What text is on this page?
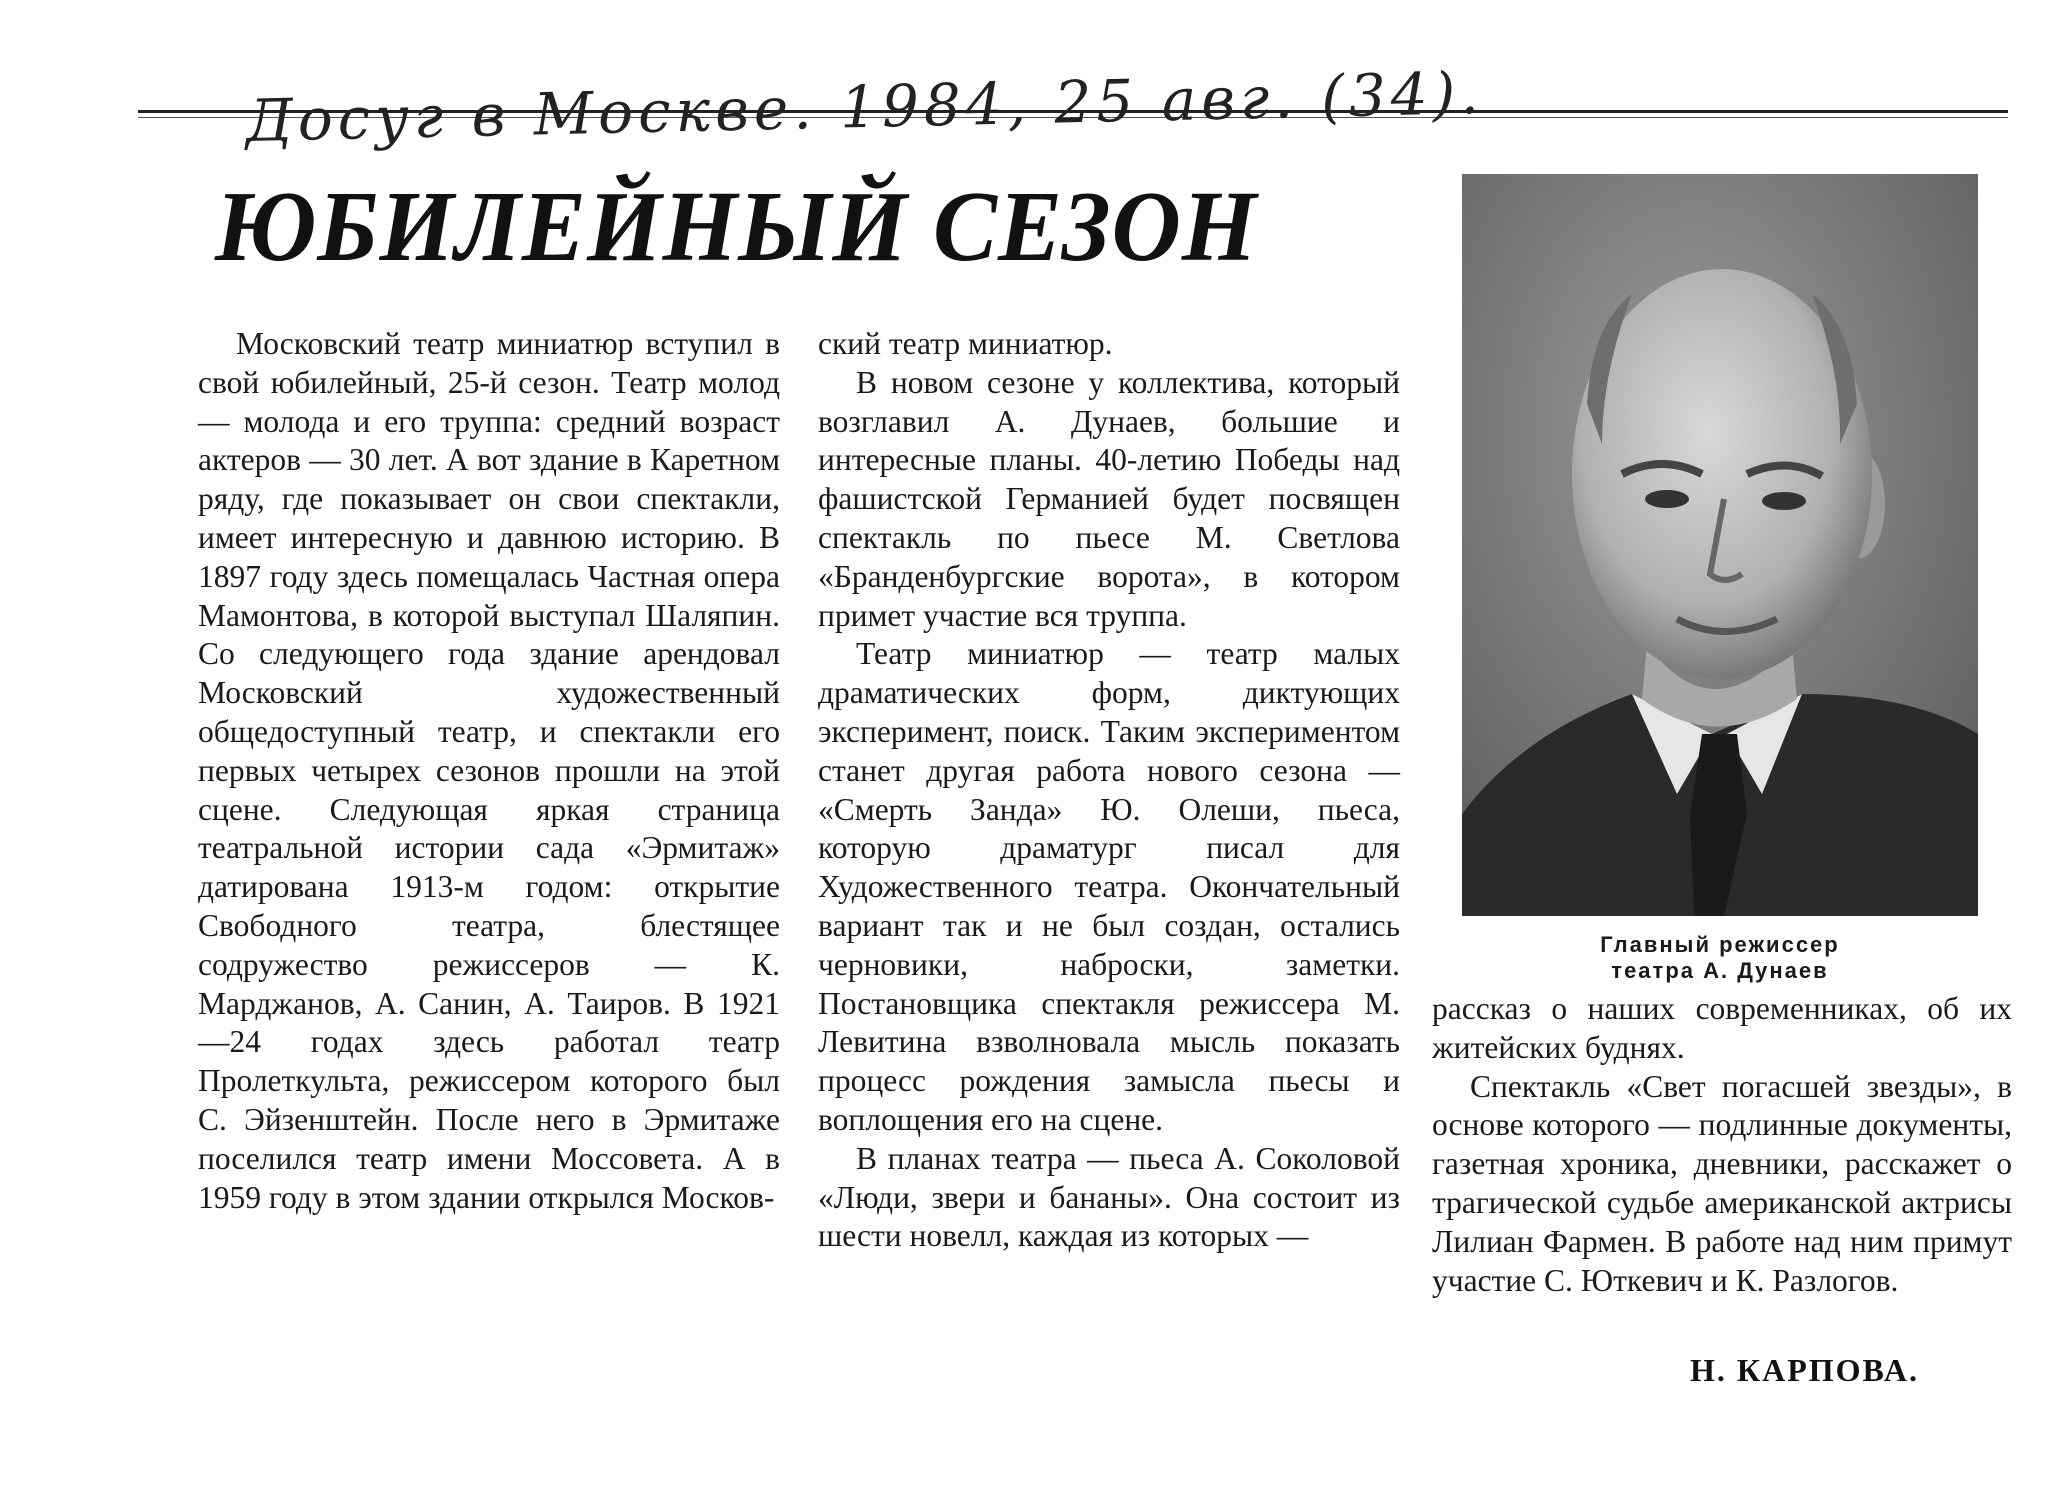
Досуг в Москве. 1984, 25 авг. (34).
ЮБИЛЕЙНЫЙ СЕЗОН

Московский театр миниатюр вступил в свой юбилейный, 25-й сезон. Театр молод — молода и его труппа: средний возраст актеров — 30 лет. А вот здание в Каретном ряду, где показывает он свои спектакли, имеет интересную и давнюю историю. В 1897 году здесь помещалась Частная опера Мамонтова, в которой выступал Шаляпин. Со следующего года здание арендовал Московский художественный общедоступный театр, и спектакли его первых четырех сезонов прошли на этой сцене. Следующая яркая страница театральной истории сада «Эрмитаж» датирована 1913-м годом: открытие Свободного театра, блестящее содружество режиссеров — К. Марджанов, А. Санин, А. Таиров. В 1921—24 годах здесь работал театр Пролеткульта, режиссером которого был С. Эйзенштейн. После него в Эрмитаже поселился театр имени Моссовета. А в 1959 году в этом здании открылся Москов-

ский театр миниатюр.

В новом сезоне у коллектива, который возглавил А. Дунаев, большие и интересные планы. 40-летию Победы над фашистской Германией будет посвящен спектакль по пьесе М. Светлова «Бранденбургские ворота», в котором примет участие вся труппа.

Театр миниатюр — театр малых драматических форм, диктующих эксперимент, поиск. Таким экспериментом станет другая работа нового сезона — «Смерть Занда» Ю. Олеши, пьеса, которую драматург писал для Художественного театра. Окончательный вариант так и не был создан, остались черновики, наброски, заметки. Постановщика спектакля режиссера М. Левитина взволновала мысль показать процесс рождения замысла пьесы и воплощения его на сцене.

В планах театра — пьеса А. Соколовой «Люди, звери и бананы». Она состоит из шести новелл, каждая из которых —

Главный режиссер
театра А. Дунаев

рассказ о наших современниках, об их житейских буднях.

Спектакль «Свет погасшей звезды», в основе которого — подлинные документы, газетная хроника, дневники, расскажет о трагической судьбе американской актрисы Лилиан Фармен. В работе над ним примут участие С. Юткевич и К. Разлогов.

Н. КАРПОВА.
